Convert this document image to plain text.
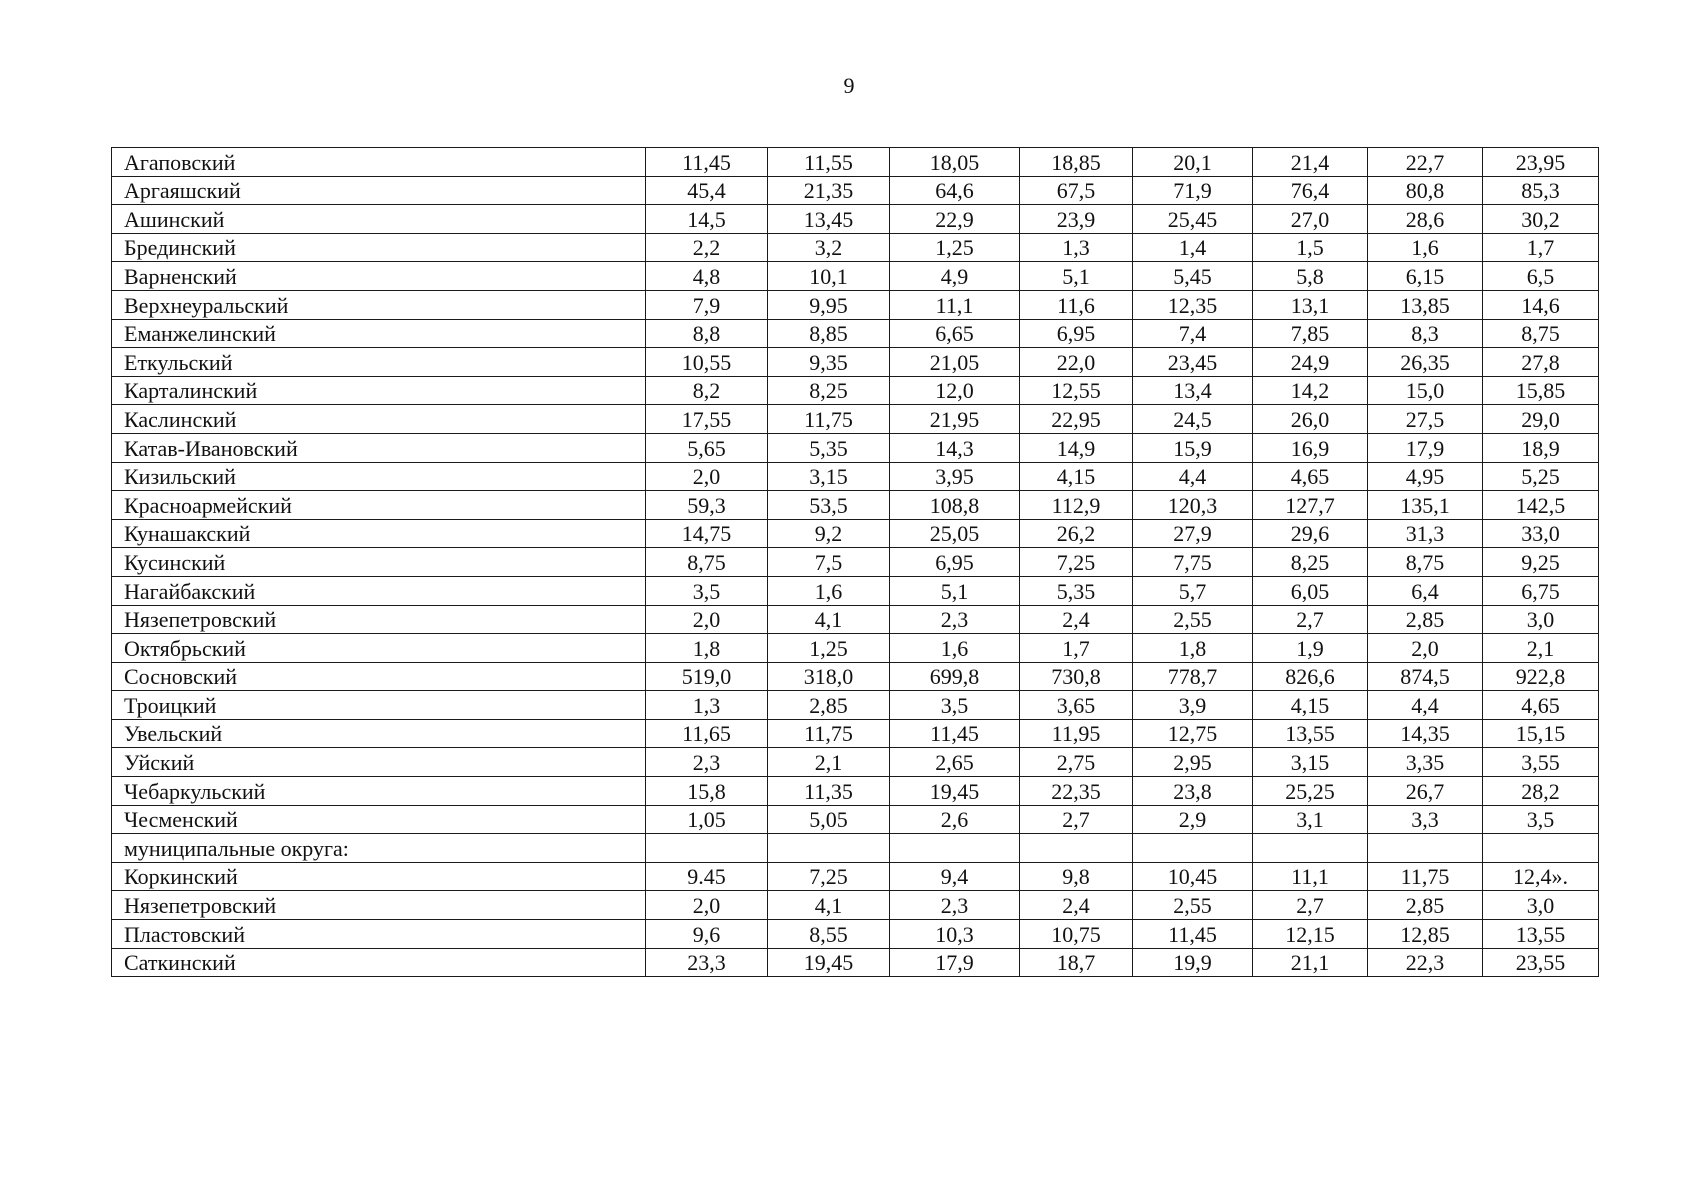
9
Агаповский	11,45	11,55	18,05	18,85	20,1	21,4	22,7	23,95
Аргаяшский	45,4	21,35	64,6	67,5	71,9	76,4	80,8	85,3
Ашинский	14,5	13,45	22,9	23,9	25,45	27,0	28,6	30,2
Брединский	2,2	3,2	1,25	1,3	1,4	1,5	1,6	1,7
Варненский	4,8	10,1	4,9	5,1	5,45	5,8	6,15	6,5
Верхнеуральский	7,9	9,95	11,1	11,6	12,35	13,1	13,85	14,6
Еманжелинский	8,8	8,85	6,65	6,95	7,4	7,85	8,3	8,75
Еткульский	10,55	9,35	21,05	22,0	23,45	24,9	26,35	27,8
Карталинский	8,2	8,25	12,0	12,55	13,4	14,2	15,0	15,85
Каслинский	17,55	11,75	21,95	22,95	24,5	26,0	27,5	29,0
Катав-Ивановский	5,65	5,35	14,3	14,9	15,9	16,9	17,9	18,9
Кизильский	2,0	3,15	3,95	4,15	4,4	4,65	4,95	5,25
Красноармейский	59,3	53,5	108,8	112,9	120,3	127,7	135,1	142,5
Кунашакский	14,75	9,2	25,05	26,2	27,9	29,6	31,3	33,0
Кусинский	8,75	7,5	6,95	7,25	7,75	8,25	8,75	9,25
Нагайбакский	3,5	1,6	5,1	5,35	5,7	6,05	6,4	6,75
Нязепетровский	2,0	4,1	2,3	2,4	2,55	2,7	2,85	3,0
Октябрьский	1,8	1,25	1,6	1,7	1,8	1,9	2,0	2,1
Сосновский	519,0	318,0	699,8	730,8	778,7	826,6	874,5	922,8
Троицкий	1,3	2,85	3,5	3,65	3,9	4,15	4,4	4,65
Увельский	11,65	11,75	11,45	11,95	12,75	13,55	14,35	15,15
Уйский	2,3	2,1	2,65	2,75	2,95	3,15	3,35	3,55
Чебаркульский	15,8	11,35	19,45	22,35	23,8	25,25	26,7	28,2
Чесменский	1,05	5,05	2,6	2,7	2,9	3,1	3,3	3,5
муниципальные округа:								
Коркинский	9.45	7,25	9,4	9,8	10,45	11,1	11,75	12,4».
Нязепетровский	2,0	4,1	2,3	2,4	2,55	2,7	2,85	3,0
Пластовский	9,6	8,55	10,3	10,75	11,45	12,15	12,85	13,55
Саткинский	23,3	19,45	17,9	18,7	19,9	21,1	22,3	23,55
